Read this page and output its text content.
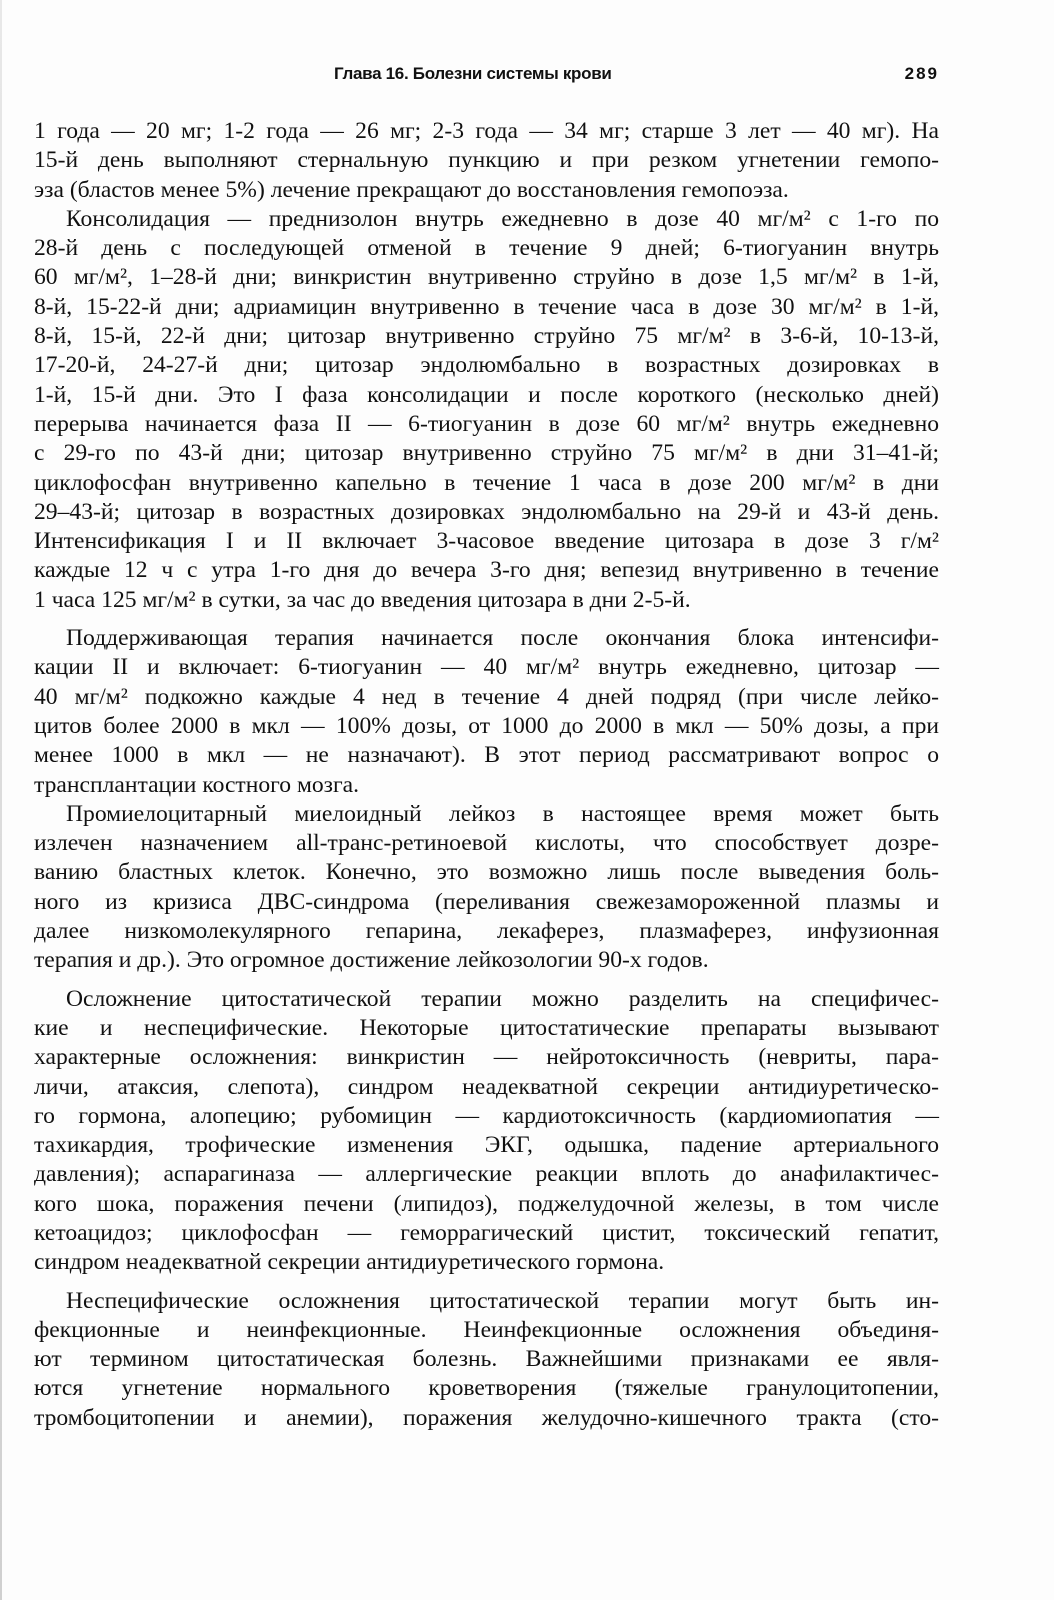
Глава 16. Болезни системы крови	289

1 года — 20 мг; 1-2 года — 26 мг; 2-3 года — 34 мг; старше 3 лет — 40 мг). На
15-й день выполняют стернальную пункцию и при резком угнетении гемопо-
эза (бластов менее 5%) лечение прекращают до восстановления гемопоэза.

Консолидация — преднизолон внутрь ежедневно в дозе 40 мг/м² с 1-го по
28-й день с последующей отменой в течение 9 дней; 6-тиогуанин внутрь
60 мг/м², 1–28-й дни; винкристин внутривенно струйно в дозе 1,5 мг/м² в 1-й,
8-й, 15-22-й дни; адриамицин внутривенно в течение часа в дозе 30 мг/м² в 1-й,
8-й, 15-й, 22-й дни; цитозар внутривенно струйно 75 мг/м² в 3-6-й, 10-13-й,
17-20-й, 24-27-й дни; цитозар эндолюмбально в возрастных дозировках в
1-й, 15-й дни. Это I фаза консолидации и после короткого (несколько дней)
перерыва начинается фаза II — 6-тиогуанин в дозе 60 мг/м² внутрь ежедневно
с 29-го по 43-й дни; цитозар внутривенно струйно 75 мг/м² в дни 31–41-й;
циклофосфан внутривенно капельно в течение 1 часа в дозе 200 мг/м² в дни
29–43-й; цитозар в возрастных дозировках эндолюмбально на 29-й и 43-й день.
Интенсификация I и II включает 3-часовое введение цитозара в дозе 3 г/м²
каждые 12 ч с утра 1-го дня до вечера 3-го дня; вепезид внутривенно в течение
1 часа 125 мг/м² в сутки, за час до введения цитозара в дни 2-5-й.

Поддерживающая терапия начинается после окончания блока интенсифи-
кации II и включает: 6-тиогуанин — 40 мг/м² внутрь ежедневно, цитозар —
40 мг/м² подкожно каждые 4 нед в течение 4 дней подряд (при числе лейко-
цитов более 2000 в мкл — 100% дозы, от 1000 до 2000 в мкл — 50% дозы, а при
менее 1000 в мкл — не назначают). В этот период рассматривают вопрос о
трансплантации костного мозга.

Промиелоцитарный миелоидный лейкоз в настоящее время может быть
излечен назначением all-транс-ретиноевой кислоты, что способствует дозре-
ванию бластных клеток. Конечно, это возможно лишь после выведения боль-
ного из кризиса ДВС-синдрома (переливания свежезамороженной плазмы и
далее низкомолекулярного гепарина, лекаферез, плазмаферез, инфузионная
терапия и др.). Это огромное достижение лейкозологии 90-х годов.

Осложнение цитостатической терапии можно разделить на специфичес-
кие и неспецифические. Некоторые цитостатические препараты вызывают
характерные осложнения: винкристин — нейротоксичность (невриты, пара-
личи, атаксия, слепота), синдром неадекватной секреции антидиуретическо-
го гормона, алопецию; рубомицин — кардиотоксичность (кардиомиопатия —
тахикардия, трофические изменения ЭКГ, одышка, падение артериального
давления); аспарагиназа — аллергические реакции вплоть до анафилактичес-
кого шока, поражения печени (липидоз), поджелудочной железы, в том числе
кетоацидоз; циклофосфан — геморрагический цистит, токсический гепатит,
синдром неадекватной секреции антидиуретического гормона.

Неспецифические осложнения цитостатической терапии могут быть ин-
фекционные и неинфекционные. Неинфекционные осложнения объединя-
ют термином цитостатическая болезнь. Важнейшими признаками ее явля-
ются угнетение нормального кроветворения (тяжелые гранулоцитопении,
тромбоцитопении и анемии), поражения желудочно-кишечного тракта (сто-
